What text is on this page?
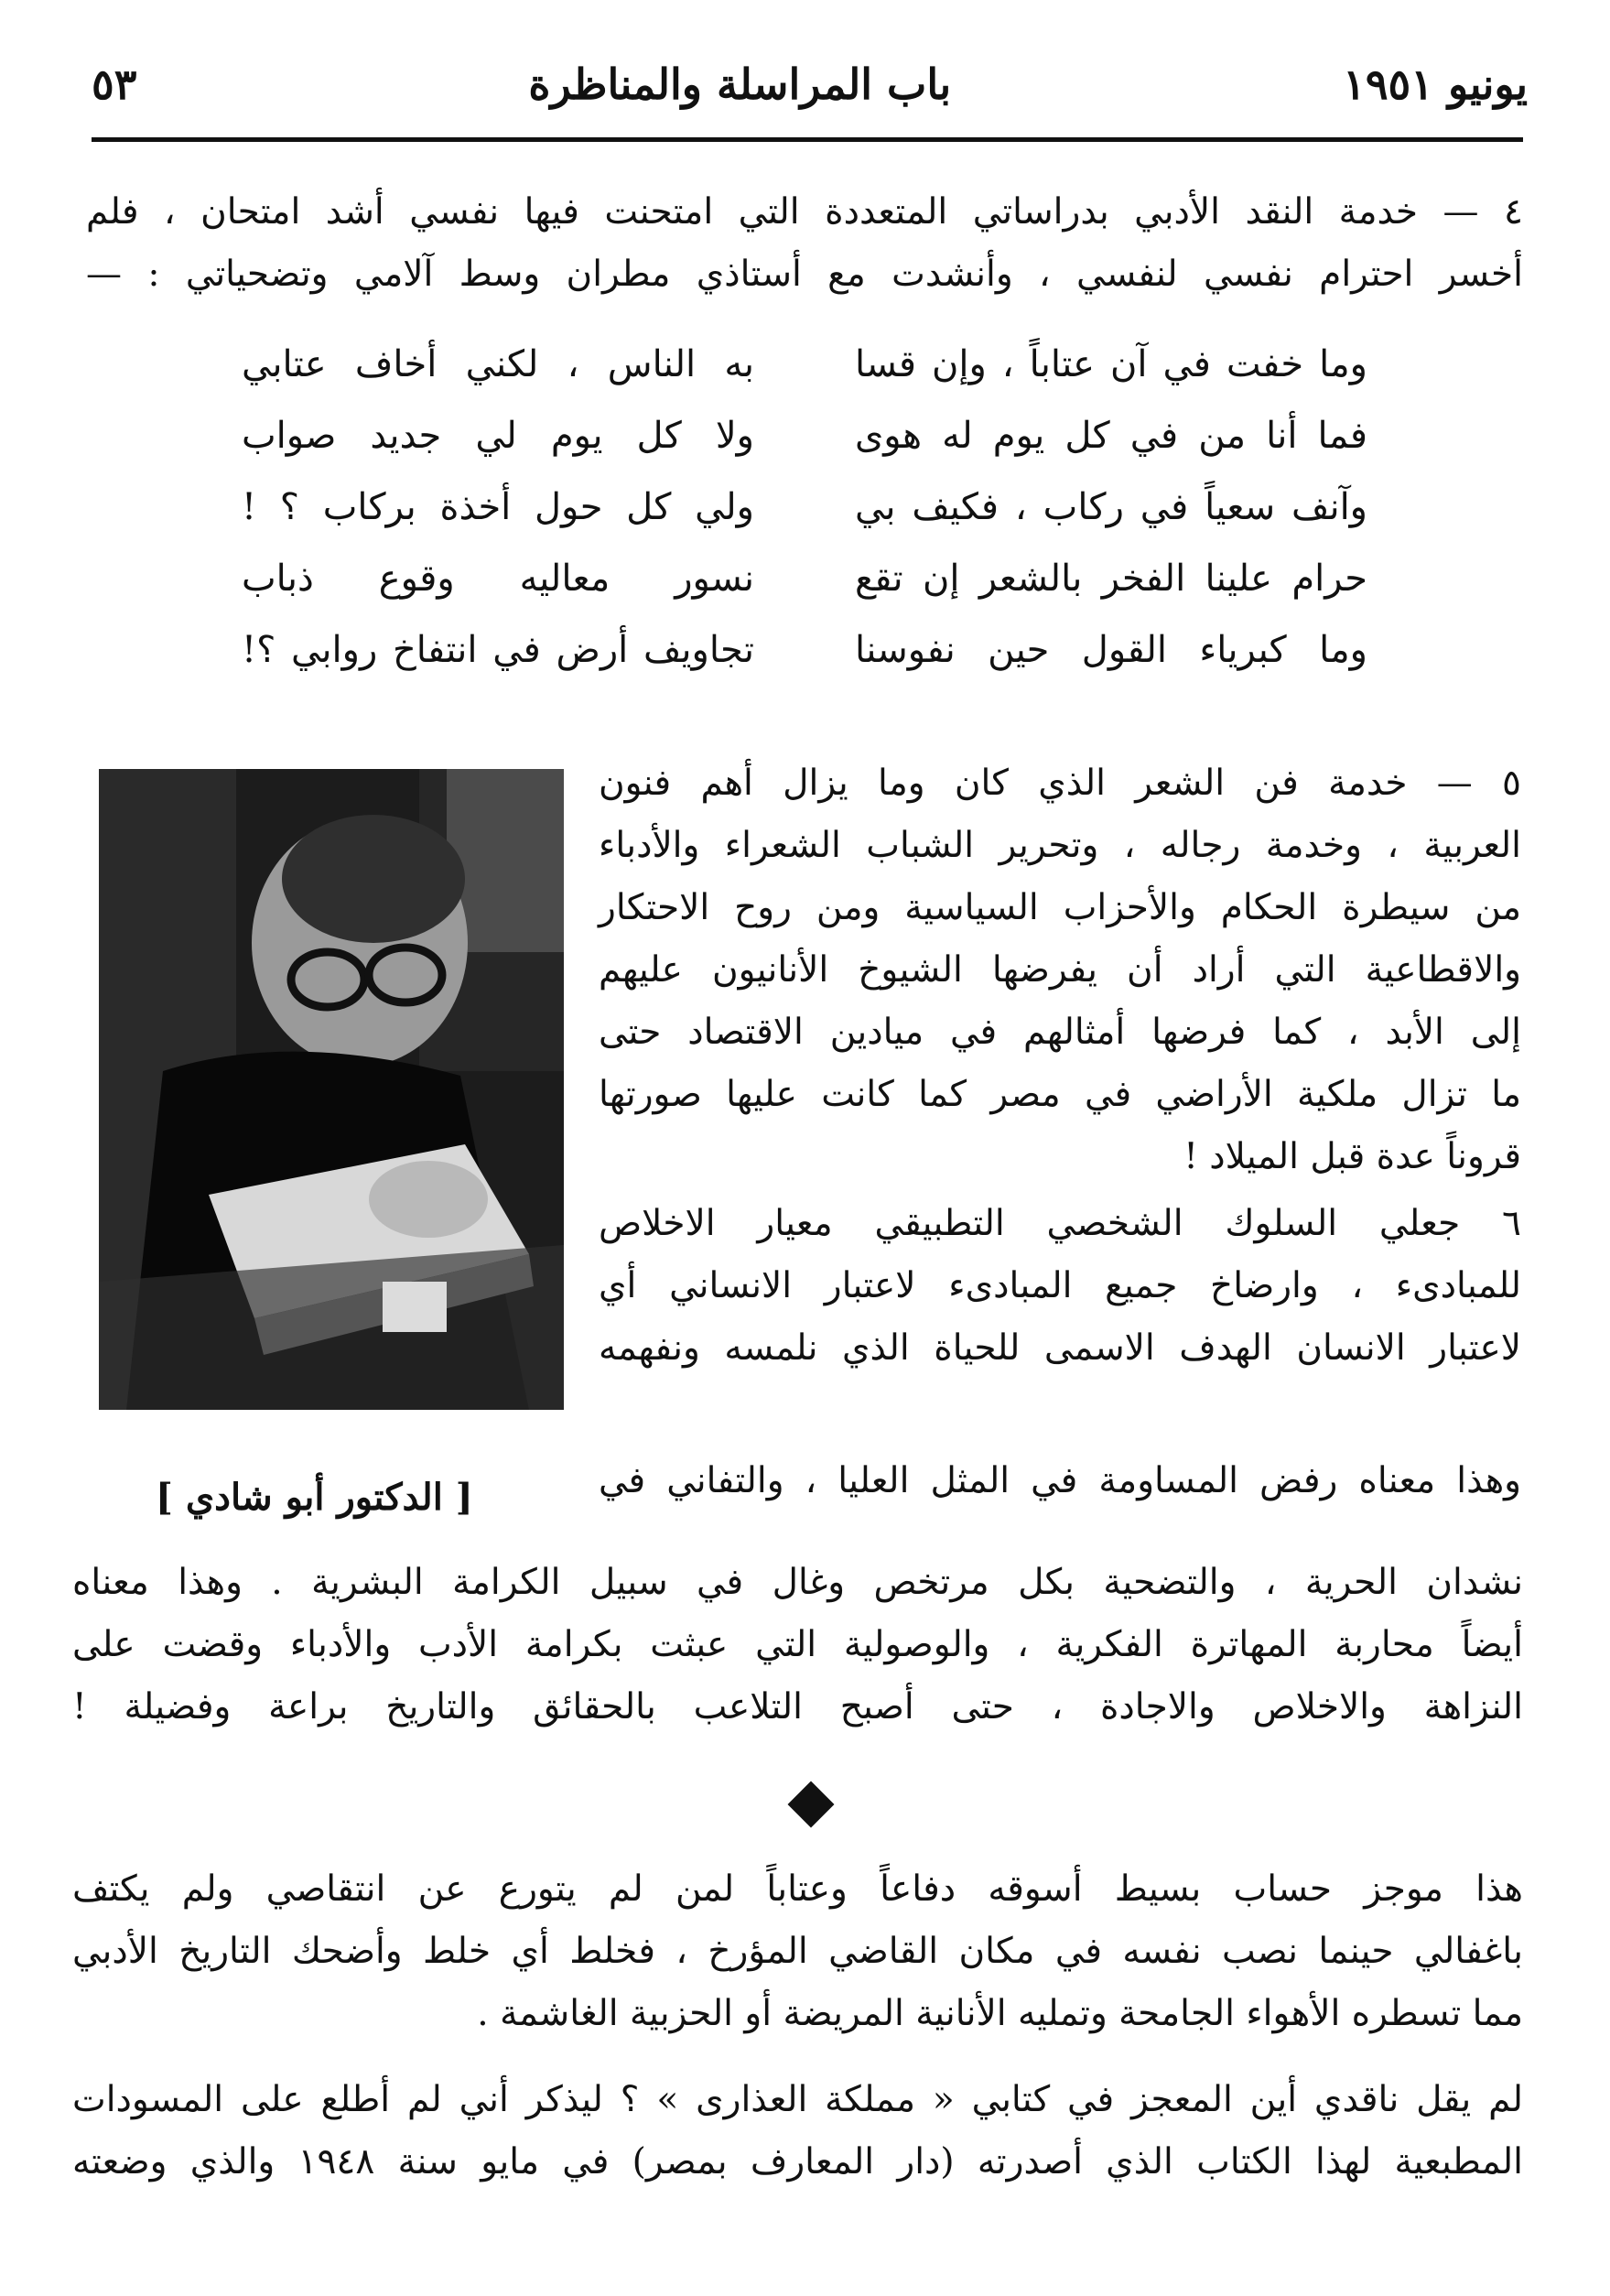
يونيو ١٩٥١
باب المراسلة والمناظرة
٥٣
٤ — خدمة النقد الأدبي بدراساتي المتعددة التي امتحنت فيها نفسي أشد امتحان ، فلم
أخسر احترام نفسي لنفسي ، وأنشدت مع أستاذي مطران وسط آلامي وتضحياتي : —
وما خفت في آن عتاباً ، وإن قسا
به الناس ، لكني أخاف عتابي
فما أنا من في كل يوم له هوى
ولا كل يوم لي جديد صواب
وآنف سعياً في ركاب ، فكيف بي
ولي كل حول أخذة بركاب ؟ !
حرام علينا الفخر بالشعر إن تقع
نسور معاليه وقوع ذباب
وما كبرياء القول حين نفوسنا
تجاويف أرض في انتفاخ روابي ؟!
٥ — خدمة فن الشعر الذي كان وما يزال أهم فنون
العربية ، وخدمة رجاله ، وتحرير الشباب الشعراء والأدباء
من سيطرة الحكام والأحزاب السياسية ومن روح الاحتكار
والاقطاعية التي أراد أن يفرضها الشيوخ الأنانيون عليهم
إلى الأبد ، كما فرضها أمثالهم في ميادين الاقتصاد حتى
ما تزال ملكية الأراضي في مصر كما كانت عليها صورتها
قروناً عدة قبل الميلاد !
٦ جعلي السلوك الشخصي التطبيقي معيار الاخلاص
للمبادىء ، وارضاخ جميع المبادىء لاعتبار الانساني أي
لاعتبار الانسان الهدف الاسمى للحياة الذي نلمسه ونفهمه
وهذا معناه رفض المساومة في المثل العليا ، والتفاني في
[ الدكتور أبو شادي ]
نشدان الحرية ، والتضحية بكل مرتخص وغال في سبيل الكرامة البشرية . وهذا معناه
أيضاً محاربة المهاترة الفكرية ، والوصولية التي عبثت بكرامة الأدب والأدباء وقضت على
النزاهة والاخلاص والاجادة ، حتى أصبح التلاعب بالحقائق والتاريخ براعة وفضيلة !
هذا موجز حساب بسيط أسوقه دفاعاً وعتاباً لمن لم يتورع عن انتقاصي ولم يكتف
باغفالي حينما نصب نفسه في مكان القاضي المؤرخ ، فخلط أي خلط وأضحك التاريخ الأدبي
مما تسطره الأهواء الجامحة وتمليه الأنانية المريضة أو الحزبية الغاشمة .
لم يقل ناقدي أين المعجز في كتابي « مملكة العذارى » ؟ ليذكر أني لم أطلع على المسودات
المطبعية لهذا الكتاب الذي أصدرته (دار المعارف بمصر) في مايو سنة ١٩٤٨ والذي وضعته
